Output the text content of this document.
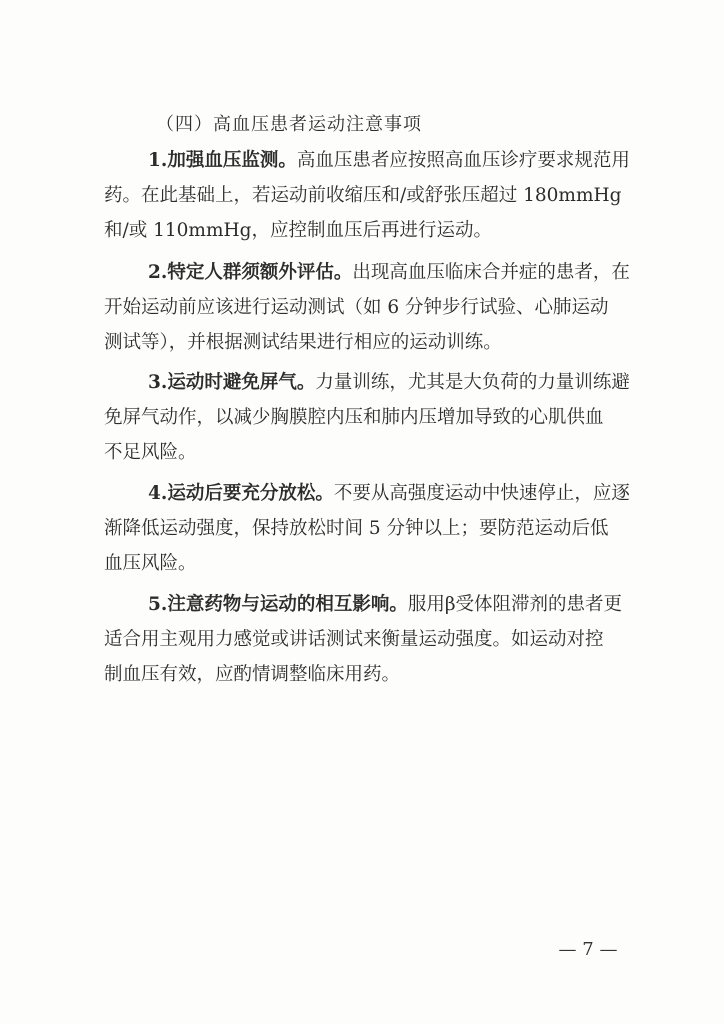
（四）高血压患者运动注意事项
1.加强血压监测。高血压患者应按照高血压诊疗要求规范用
药。在此基础上，若运动前收缩压和/或舒张压超过 180mmHg
和/或 110mmHg，应控制血压后再进行运动。
2.特定人群须额外评估。出现高血压临床合并症的患者，在
开始运动前应该进行运动测试（如 6 分钟步行试验、心肺运动
测试等），并根据测试结果进行相应的运动训练。
3.运动时避免屏气。力量训练，尤其是大负荷的力量训练避
免屏气动作，以减少胸膜腔内压和肺内压增加导致的心肌供血
不足风险。
4.运动后要充分放松。不要从高强度运动中快速停止，应逐
渐降低运动强度，保持放松时间 5 分钟以上；要防范运动后低
血压风险。
5.注意药物与运动的相互影响。服用β受体阻滞剂的患者更
适合用主观用力感觉或讲话测试来衡量运动强度。如运动对控
制血压有效，应酌情调整临床用药。
— 7 —
